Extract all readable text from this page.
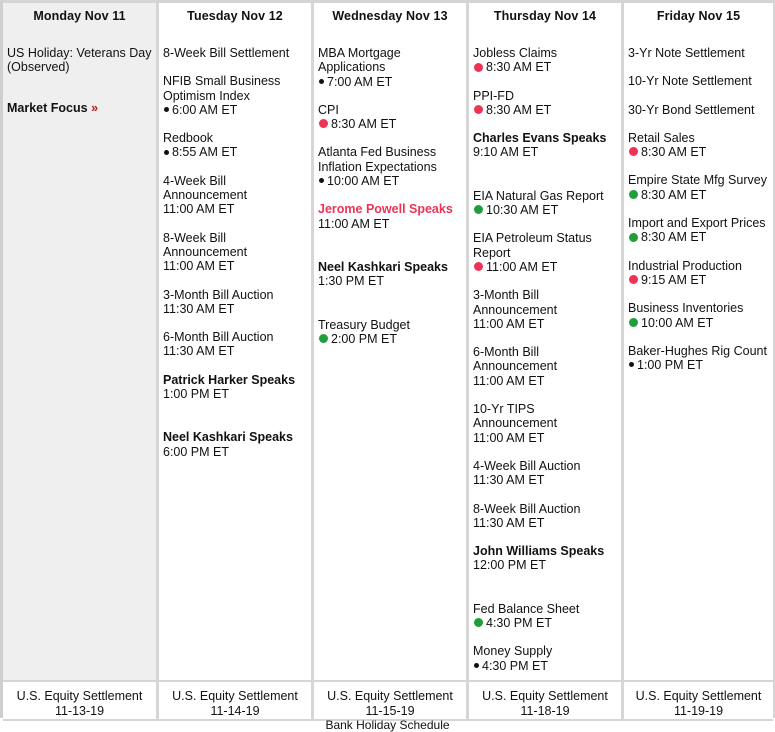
Monday Nov 11
US Holiday: Veterans Day (Observed)
Market Focus »
Tuesday Nov 12
8-Week Bill Settlement
NFIB Small Business Optimism Index
6:00 AM ET
Redbook
8:55 AM ET
4-Week Bill Announcement
11:00 AM ET
8-Week Bill Announcement
11:00 AM ET
3-Month Bill Auction
11:30 AM ET
6-Month Bill Auction
11:30 AM ET
Patrick Harker Speaks
1:00 PM ET
Neel Kashkari Speaks
6:00 PM ET
Wednesday Nov 13
MBA Mortgage Applications
7:00 AM ET
CPI
8:30 AM ET
Atlanta Fed Business Inflation Expectations
10:00 AM ET
Jerome Powell Speaks
11:00 AM ET
Neel Kashkari Speaks
1:30 PM ET
Treasury Budget
2:00 PM ET
Thursday Nov 14
Jobless Claims
8:30 AM ET
PPI-FD
8:30 AM ET
Charles Evans Speaks
9:10 AM ET
EIA Natural Gas Report
10:30 AM ET
EIA Petroleum Status Report
11:00 AM ET
3-Month Bill Announcement
11:00 AM ET
6-Month Bill Announcement
11:00 AM ET
10-Yr TIPS Announcement
11:00 AM ET
4-Week Bill Auction
11:30 AM ET
8-Week Bill Auction
11:30 AM ET
John Williams Speaks
12:00 PM ET
Fed Balance Sheet
4:30 PM ET
Money Supply
4:30 PM ET
Friday Nov 15
3-Yr Note Settlement
10-Yr Note Settlement
30-Yr Bond Settlement
Retail Sales
8:30 AM ET
Empire State Mfg Survey
8:30 AM ET
Import and Export Prices
8:30 AM ET
Industrial Production
9:15 AM ET
Business Inventories
10:00 AM ET
Baker-Hughes Rig Count
1:00 PM ET
U.S. Equity Settlement
11-13-19
U.S. Equity Settlement
11-14-19
U.S. Equity Settlement
11-15-19
U.S. Equity Settlement
11-18-19
U.S. Equity Settlement
11-19-19
Bank Holiday Schedule
